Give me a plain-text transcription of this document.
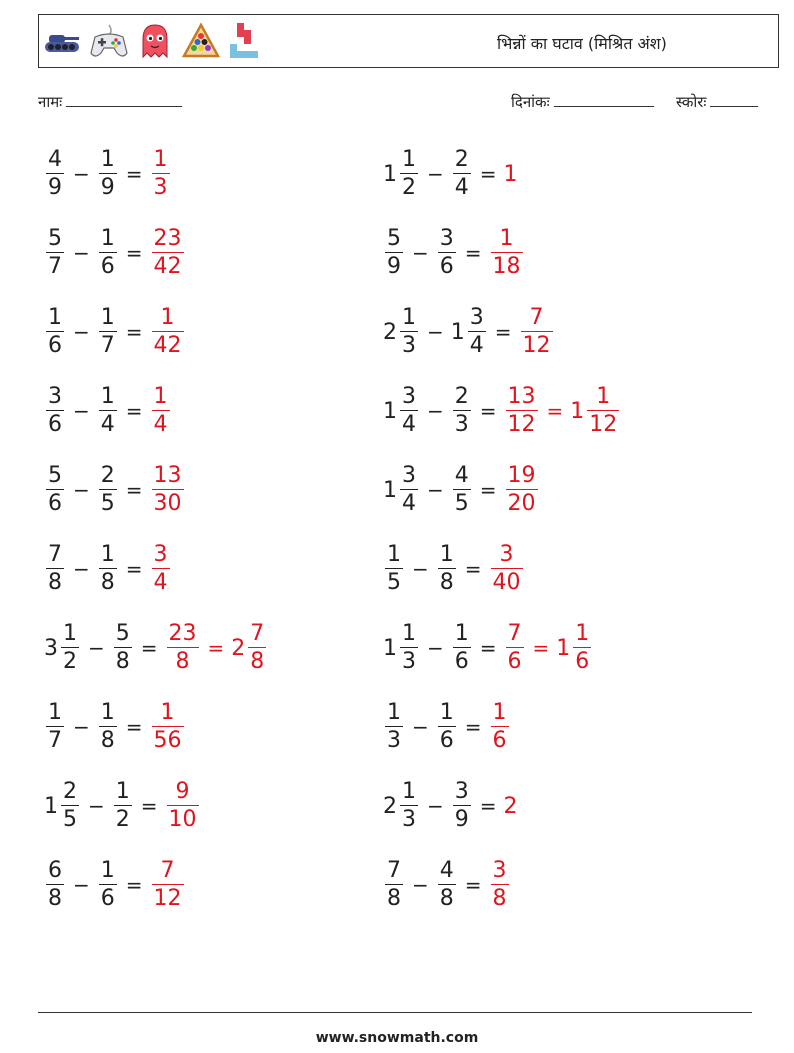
भिन्नों का घटाव (मिश्रित अंश)
नामः	दिनांकः	स्कोरः
$\frac{4}{9} - \frac{1}{9} = \frac{1}{3}$
$\frac{5}{7} - \frac{1}{6} = \frac{23}{42}$
$\frac{1}{6} - \frac{1}{7} = \frac{1}{42}$
$\frac{3}{6} - \frac{1}{4} = \frac{1}{4}$
$\frac{5}{6} - \frac{2}{5} = \frac{13}{30}$
$\frac{7}{8} - \frac{1}{8} = \frac{3}{4}$
$3 \frac{1}{2} - \frac{5}{8} = \frac{23}{8} = 2 \frac{7}{8}$
$\frac{1}{7} - \frac{1}{8} = \frac{1}{56}$
$1 \frac{2}{5} - \frac{1}{2} = \frac{9}{10}$
$\frac{6}{8} - \frac{1}{6} = \frac{7}{12}$
$1 \frac{1}{2} - \frac{2}{4} = 1$
$\frac{5}{9} - \frac{3}{6} = \frac{1}{18}$
$2 \frac{1}{3} - 1 \frac{3}{4} = \frac{7}{12}$
$1 \frac{3}{4} - \frac{2}{3} = \frac{13}{12} = 1 \frac{1}{12}$
$1 \frac{3}{4} - \frac{4}{5} = \frac{19}{20}$
$\frac{1}{5} - \frac{1}{8} = \frac{3}{40}$
$1 \frac{1}{3} - \frac{1}{6} = \frac{7}{6} = 1 \frac{1}{6}$
$\frac{1}{3} - \frac{1}{6} = \frac{1}{6}$
$2 \frac{1}{3} - \frac{3}{9} = 2$
$\frac{7}{8} - \frac{4}{8} = \frac{3}{8}$
www.snowmath.com
